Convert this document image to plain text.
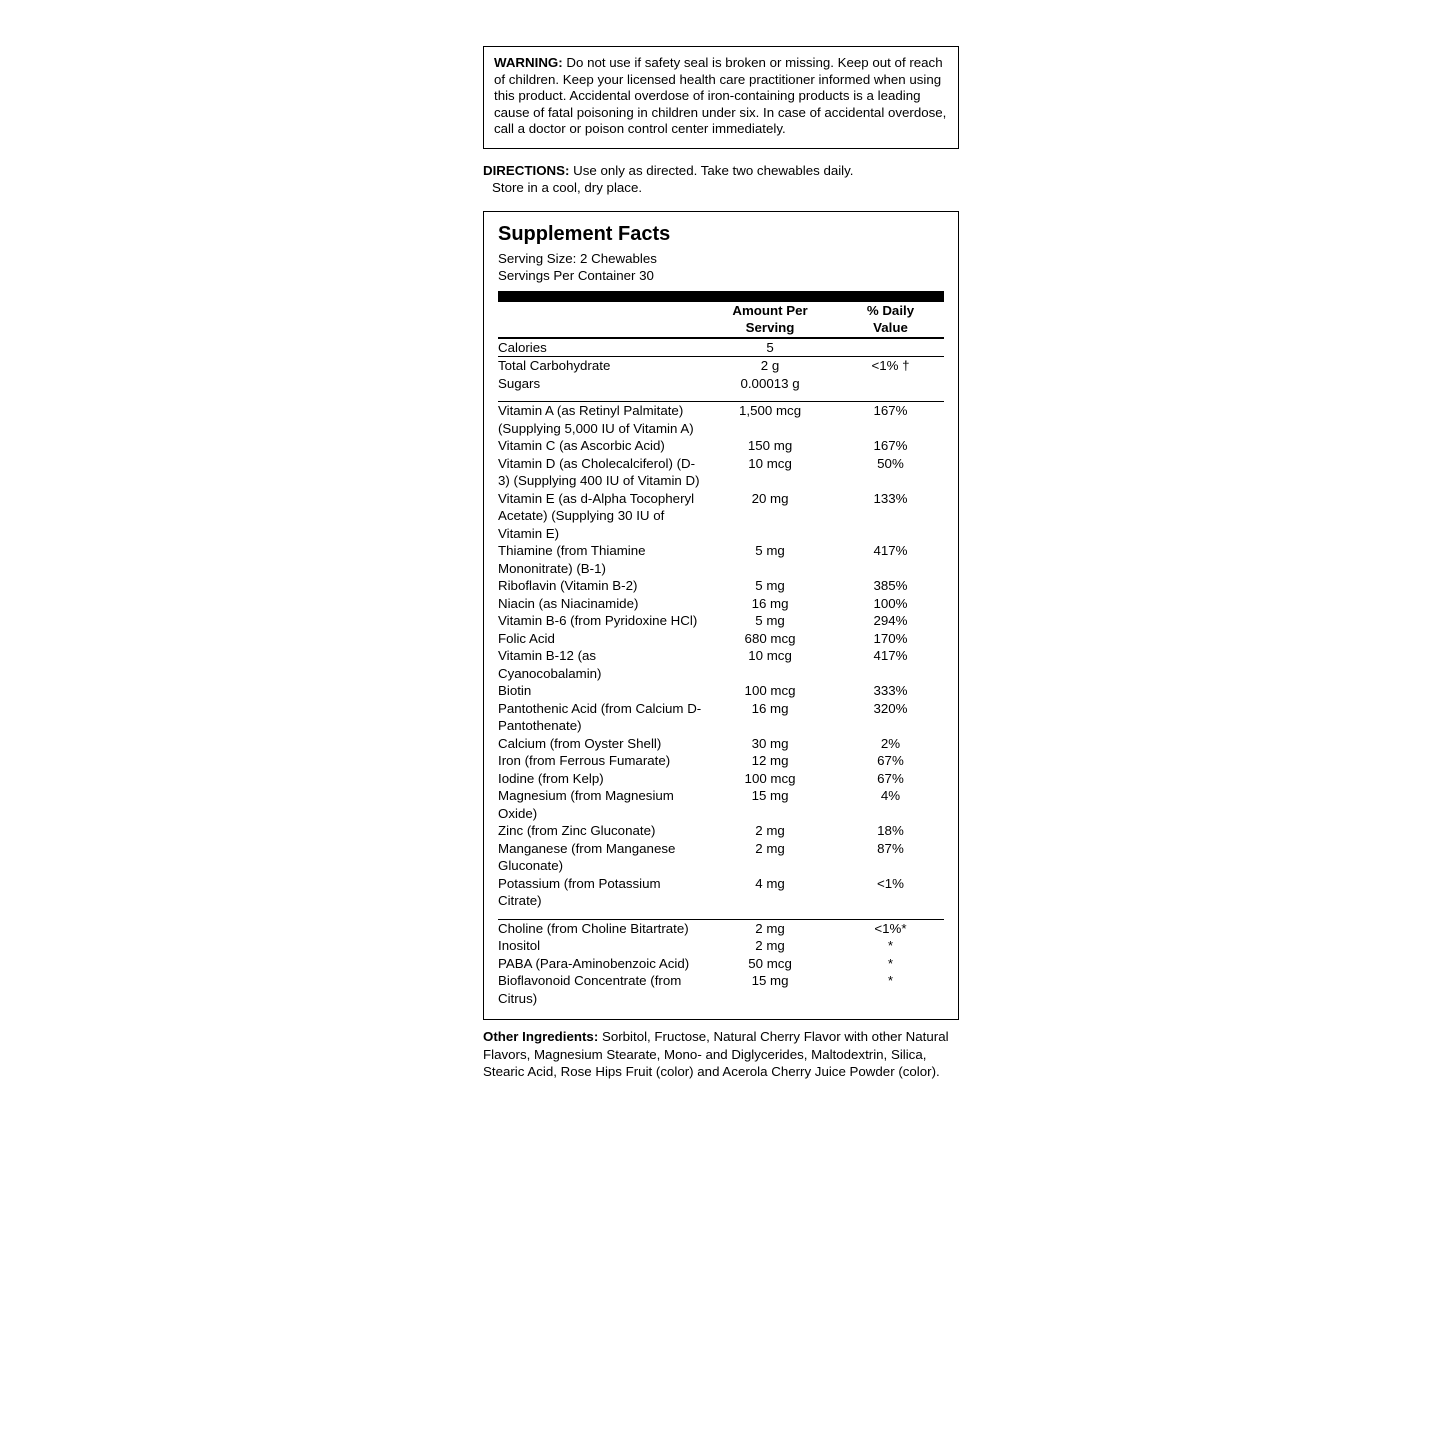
WARNING: Do not use if safety seal is broken or missing. Keep out of reach of children. Keep your licensed health care practitioner informed when using this product. Accidental overdose of iron-containing products is a leading cause of fatal poisoning in children under six. In case of accidental overdose, call a doctor or poison control center immediately.

DIRECTIONS: Use only as directed. Take two chewables daily.
Store in a cool, dry place.
Supplement Facts
Serving Size: 2 Chewables
Servings Per Container 30
	Amount Per
Serving	% Daily
Value
Calories	5	
Total Carbohydrate	2 g	<1% †
Sugars	0.00013 g	

Vitamin A (as Retinyl Palmitate) (Supplying 5,000 IU of Vitamin A)	1,500 mcg	167%
Vitamin C (as Ascorbic Acid)	150 mg	167%
Vitamin D (as Cholecalciferol) (D-3) (Supplying 400 IU of Vitamin D)	10 mcg	50%
Vitamin E (as d-Alpha Tocopheryl Acetate) (Supplying 30 IU of Vitamin E)	20 mg	133%
Thiamine (from Thiamine Mononitrate) (B-1)	5 mg	417%
Riboflavin (Vitamin B-2)	5 mg	385%
Niacin (as Niacinamide)	16 mg	100%
Vitamin B-6 (from Pyridoxine HCl)	5 mg	294%
Folic Acid	680 mcg	170%
Vitamin B-12 (as Cyanocobalamin)	10 mcg	417%
Biotin	100 mcg	333%
Pantothenic Acid (from Calcium D-Pantothenate)	16 mg	320%
Calcium (from Oyster Shell)	30 mg	2%
Iron (from Ferrous Fumarate)	12 mg	67%
Iodine (from Kelp)	100 mcg	67%
Magnesium (from Magnesium Oxide)	15 mg	4%
Zinc (from Zinc Gluconate)	2 mg	18%
Manganese (from Manganese Gluconate)	2 mg	87%
Potassium (from Potassium Citrate)	4 mg	<1%

Choline (from Choline Bitartrate)	2 mg	<1%*
Inositol	2 mg	*
PABA (Para-Aminobenzoic Acid)	50 mcg	*
Bioflavonoid Concentrate (from Citrus)	15 mg	*
Other Ingredients: Sorbitol, Fructose, Natural Cherry Flavor with other Natural Flavors, Magnesium Stearate, Mono- and Diglycerides, Maltodextrin, Silica, Stearic Acid, Rose Hips Fruit (color) and Acerola Cherry Juice Powder (color).
